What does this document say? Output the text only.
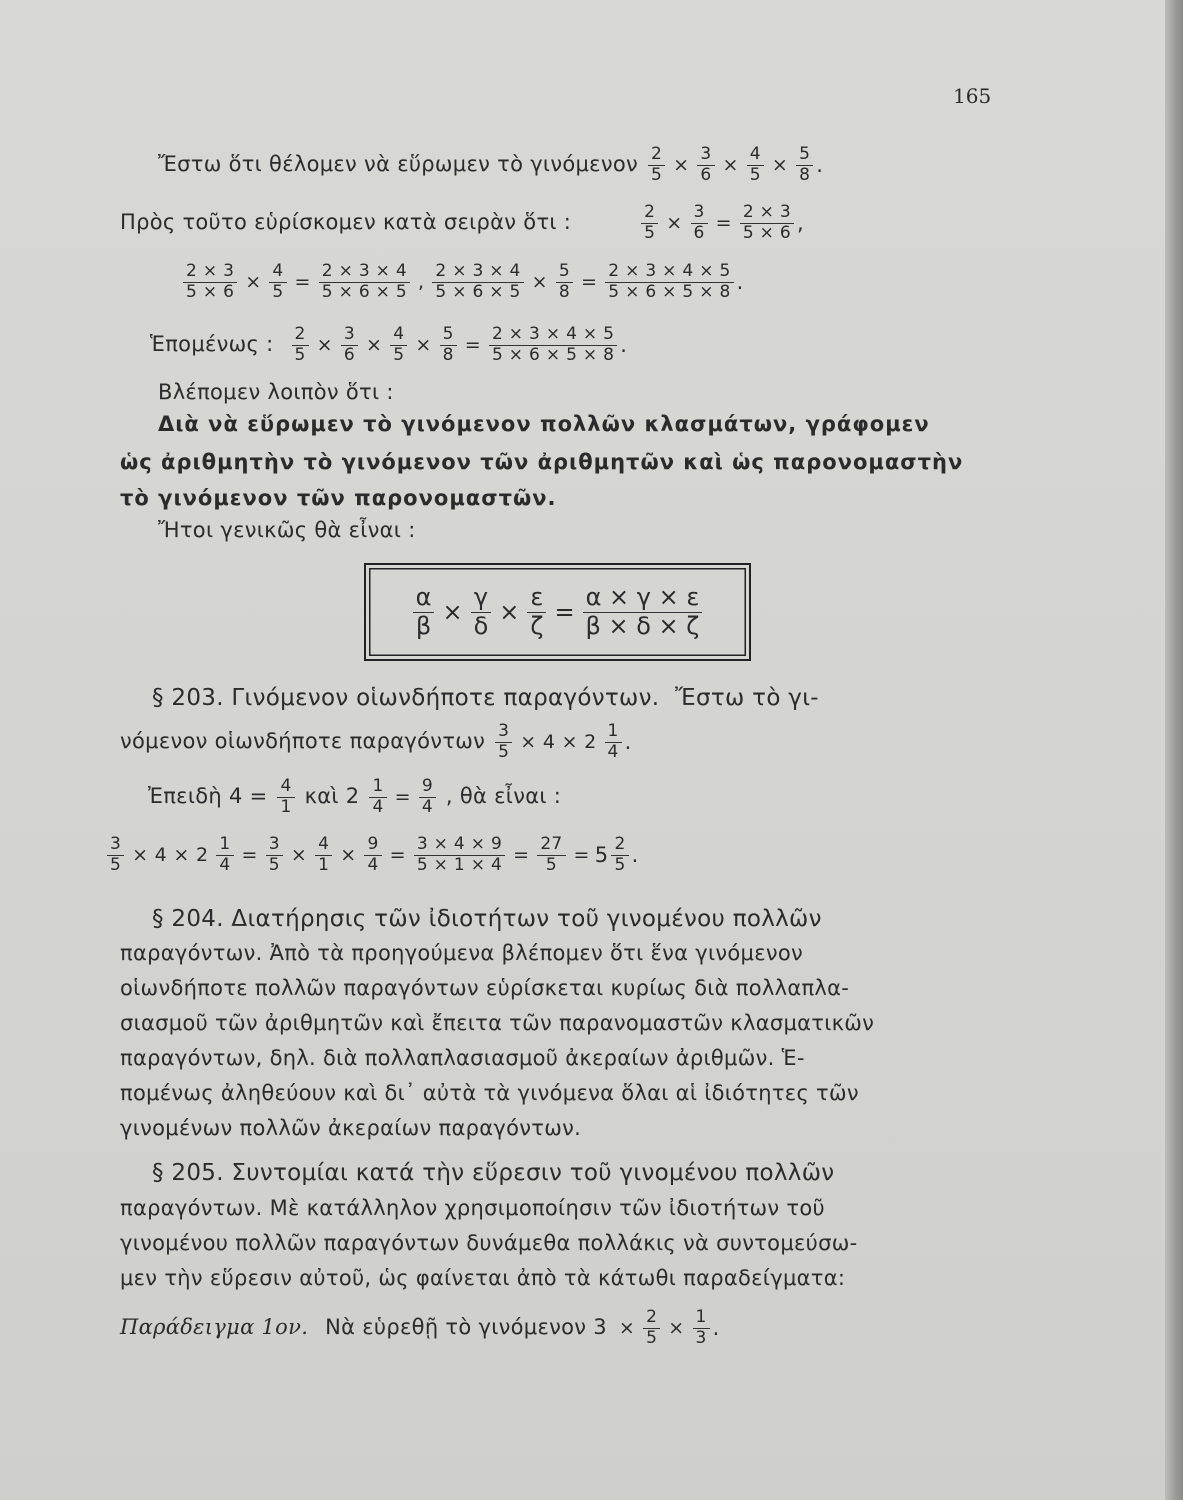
165
Ἔστω ὅτι θέλομεν νὰ εὕρωμεν τὸ γινόμενον $\frac{2}{5} \times \frac{3}{6} \times \frac{4}{5} \times \frac{5}{8}$ .
Πρὸς τοῦτο εὑρίσκομεν κατὰ σειρὰν ὅτι :	$\frac{2}{5} \times \frac{3}{6} = \frac{2 \times 3}{5 \times 6}$ ,
$\frac{2 \times 3}{5 \times 6} \times \frac{4}{5} = \frac{2 \times 3 \times 4}{5 \times 6 \times 5}$ , $\frac{2 \times 3 \times 4}{5 \times 6 \times 5} \times \frac{5}{8} = \frac{2 \times 3 \times 4 \times 5}{5 \times 6 \times 5 \times 8}$ .
Ἑπομένως : $\frac{2}{5} \times \frac{3}{6} \times \frac{4}{5} \times \frac{5}{8} = \frac{2 \times 3 \times 4 \times 5}{5 \times 6 \times 5 \times 8}$ .
Βλέπομεν λοιπὸν ὅτι :
Διὰ νὰ εὕρωμεν τὸ γινόμενον πολλῶν κλασμάτων, γράφομεν
ὡς ἀριθμητὴν τὸ γινόμενον τῶν ἀριθμητῶν καὶ ὡς παρονομαστὴν
τὸ γινόμενον τῶν παρονομαστῶν.
Ἤτοι γενικῶς θὰ εἶναι :
$\frac{\alpha}{\beta} \times \frac{\gamma}{\delta} \times \frac{\varepsilon}{\zeta} = \frac{\alpha \times \gamma \times \varepsilon}{\beta \times \delta \times \zeta}$
§ 203. Γινόμενον οἱωνδήποτε παραγόντων. Ἔστω τὸ γι-
νόμενον οἱωνδήποτε παραγόντων $\frac{3}{5} \times 4 \times 2 \frac{1}{4}$ .
Ἐπειδὴ $4 = \frac{4}{1}$ καὶ $2 \frac{1}{4} = \frac{9}{4}$ , θὰ εἶναι :
$\frac{3}{5} \times 4 \times 2 \frac{1}{4} = \frac{3}{5} \times \frac{4}{1} \times \frac{9}{4} = \frac{3 \times 4 \times 9}{5 \times 1 \times 4} = \frac{27}{5} = 5 \frac{2}{5}$ .
§ 204. Διατήρησις τῶν ἰδιοτήτων τοῦ γινομένου πολλῶν
παραγόντων. Ἀπὸ τὰ προηγούμενα βλέπομεν ὅτι ἕνα γινόμενον
οἱωνδήποτε πολλῶν παραγόντων εὑρίσκεται κυρίως διὰ πολλαπλα-
σιασμοῦ τῶν ἀριθμητῶν καὶ ἔπειτα τῶν παρανομαστῶν κλασματικῶν
παραγόντων, δηλ. διὰ πολλαπλασιασμοῦ ἀκεραίων ἀριθμῶν. Ἑ-
πομένως ἀληθεύουν καὶ δι᾽ αὐτὰ τὰ γινόμενα ὅλαι αἱ ἰδιότητες τῶν
γινομένων πολλῶν ἀκεραίων παραγόντων.
§ 205. Συντομίαι κατά τὴν εὕρεσιν τοῦ γινομένου πολλῶν
παραγόντων. Μὲ κατάλληλον χρησιμοποίησιν τῶν ἰδιοτήτων τοῦ
γινομένου πολλῶν παραγόντων δυνάμεθα πολλάκις νὰ συντομεύσω-
μεν τὴν εὕρεσιν αὐτοῦ, ὡς φαίνεται ἀπὸ τὰ κάτωθι παραδείγματα:
Παράδειγμα 1ον. Νὰ εὑρεθῇ τὸ γινόμενον $3 \times \frac{2}{5} \times \frac{1}{3}$ .
